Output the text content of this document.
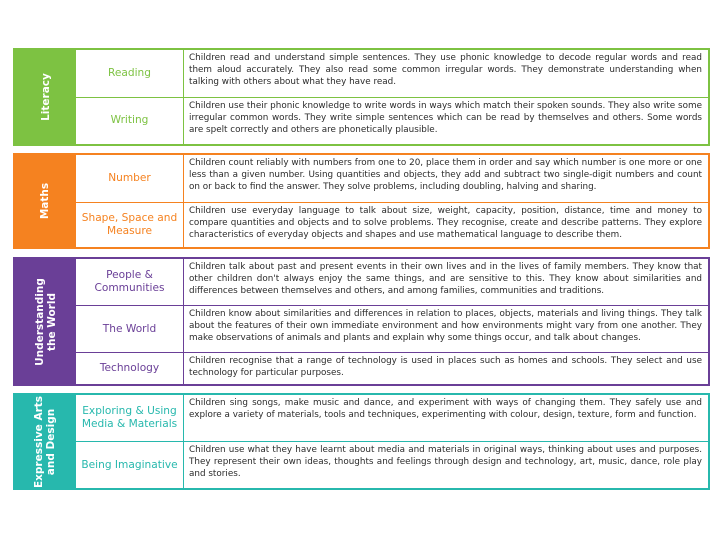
Literacy
Reading
Children read and understand simple sentences. They use phonic knowledge to decode regular words and read them aloud accurately. They also read some common irregular words. They demonstrate understanding when talking with others about what they have read.
Writing
Children use their phonic knowledge to write words in ways which match their spoken sounds. They also write some irregular common words. They write simple sentences which can be read by themselves and others. Some words are spelt correctly and others are phonetically plausible.
Maths
Number
Children count reliably with numbers from one to 20, place them in order and say which number is one more or one less than a given number. Using quantities and objects, they add and subtract two single-digit numbers and count on or back to find the answer. They solve problems, including doubling, halving and sharing.
Shape, Space and Measure
Children use everyday language to talk about size, weight, capacity, position, distance, time and money to compare quantities and objects and to solve problems. They recognise, create and describe patterns. They explore characteristics of everyday objects and shapes and use mathematical language to describe them.
Understanding the World
People & Communities
Children talk about past and present events in their own lives and in the lives of family members. They know that other children don't always enjoy the same things, and are sensitive to this. They know about similarities and differences between themselves and others, and among families, communities and traditions.
The World
Children know about similarities and differences in relation to places, objects, materials and living things. They talk about the features of their own immediate environment and how environments might vary from one another. They make observations of animals and plants and explain why some things occur, and talk about changes.
Technology
Children recognise that a range of technology is used in places such as homes and schools. They select and use technology for particular purposes.
Expressive Arts and Design	Exploring & Using Media & Materials
Children sing songs, make music and dance, and experiment with ways of changing them. They safely use and explore a variety of materials, tools and techniques, experimenting with colour, design, texture, form and function.
Being Imaginative
Children use what they have learnt about media and materials in original ways, thinking about uses and purposes. They represent their own ideas, thoughts and feelings through design and technology, art, music, dance, role play and stories.
